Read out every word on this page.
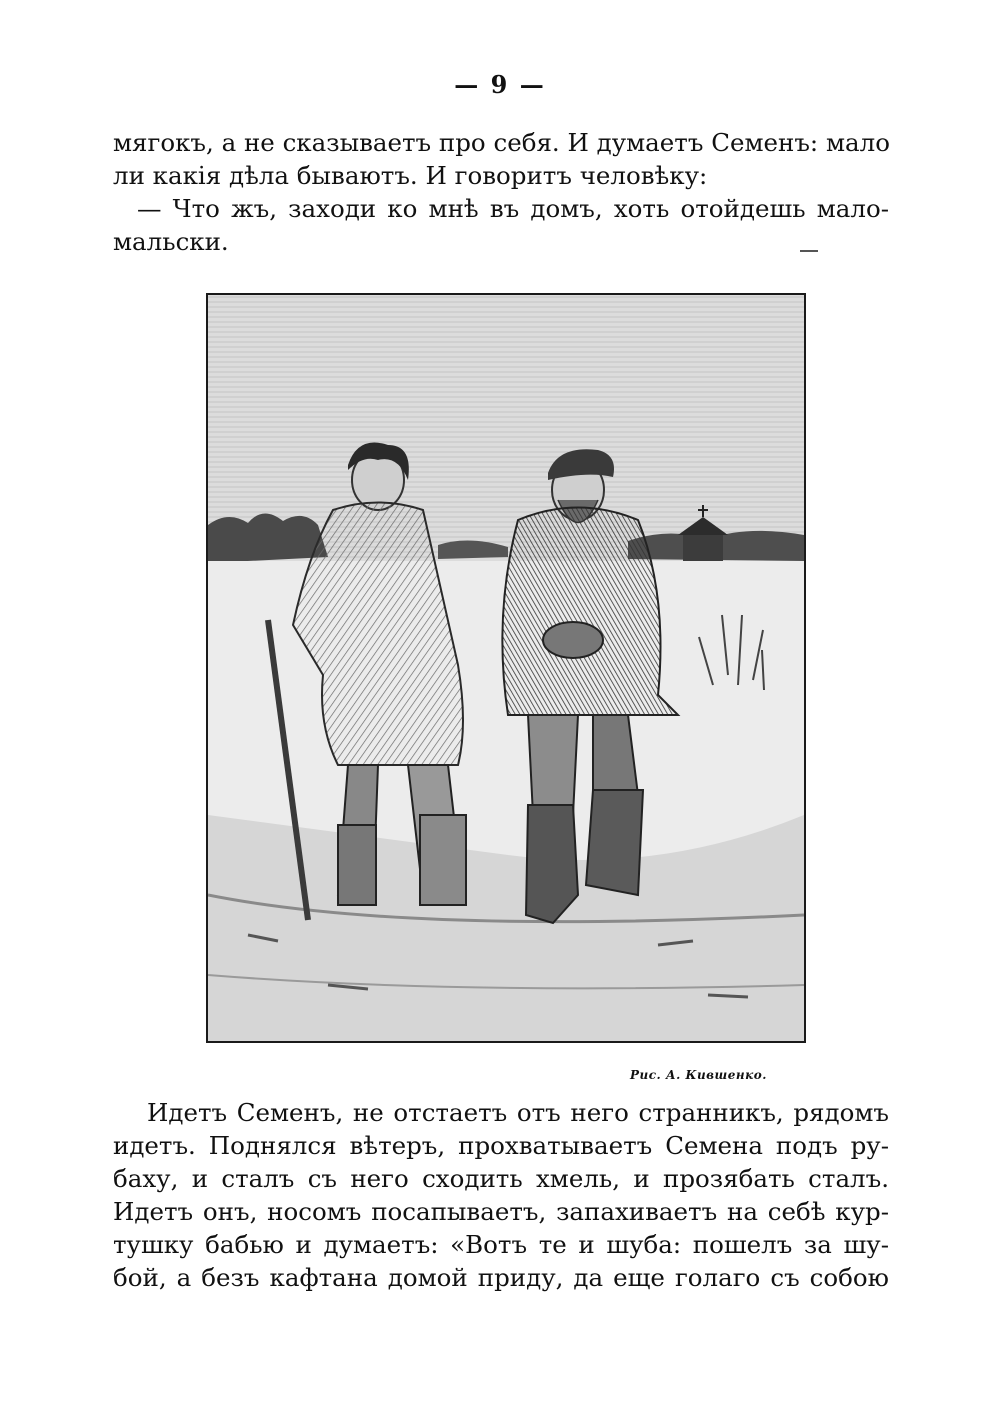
— 9 —

мягокъ, а не сказываетъ про себя. И думаетъ Семенъ: мало

ли какія дѣла бываютъ. И говоритъ человѣку:

— Что жъ, заходи ко мнѣ въ домъ, хоть отойдешь мало-

мальски.

Рис. А. Кившенко.

Идетъ Семенъ, не отстаетъ отъ него странникъ, рядомъ

идетъ. Поднялся вѣтеръ, прохватываетъ Семена подъ ру-

баху, и сталъ съ него сходить хмель, и прозябать сталъ.

Идетъ онъ, носомъ посапываетъ, запахиваетъ на себѣ кур-

тушку бабью и думаетъ: «Вотъ те и шуба: пошелъ за шу-

бой, а безъ кафтана домой приду, да еще голаго съ собою
